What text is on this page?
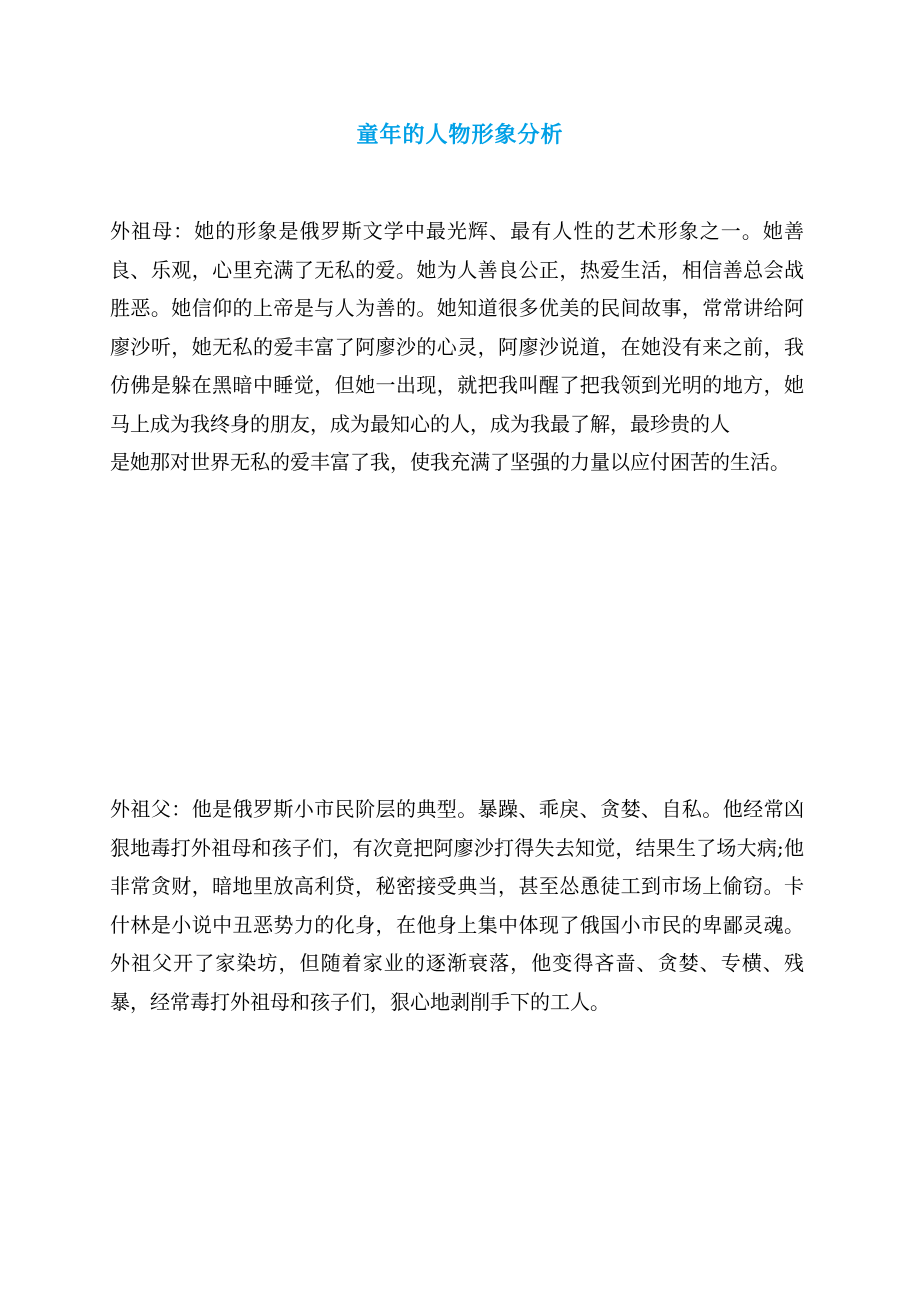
童年的人物形象分析

外祖母：她的形象是俄罗斯文学中最光辉、最有人性的艺术形象之一。她善良、乐观，心里充满了无私的爱。她为人善良公正，热爱生活，相信善总会战胜恶。她信仰的上帝是与人为善的。她知道很多优美的民间故事，常常讲给阿廖沙听，她无私的爱丰富了阿廖沙的心灵，阿廖沙说道，在她没有来之前，我仿佛是躲在黑暗中睡觉，但她一出现，就把我叫醒了把我领到光明的地方，她马上成为我终身的朋友，成为最知心的人，成为我最了解，最珍贵的人

是她那对世界无私的爱丰富了我，使我充满了坚强的力量以应付困苦的生活。

外祖父：他是俄罗斯小市民阶层的典型。暴躁、乖戾、贪婪、自私。他经常凶狠地毒打外祖母和孩子们，有次竟把阿廖沙打得失去知觉，结果生了场大病;他非常贪财，暗地里放高利贷，秘密接受典当，甚至怂恿徒工到市场上偷窃。卡什林是小说中丑恶势力的化身，在他身上集中体现了俄国小市民的卑鄙灵魂。外祖父开了家染坊，但随着家业的逐渐衰落，他变得吝啬、贪婪、专横、残暴，经常毒打外祖母和孩子们，狠心地剥削手下的工人。
